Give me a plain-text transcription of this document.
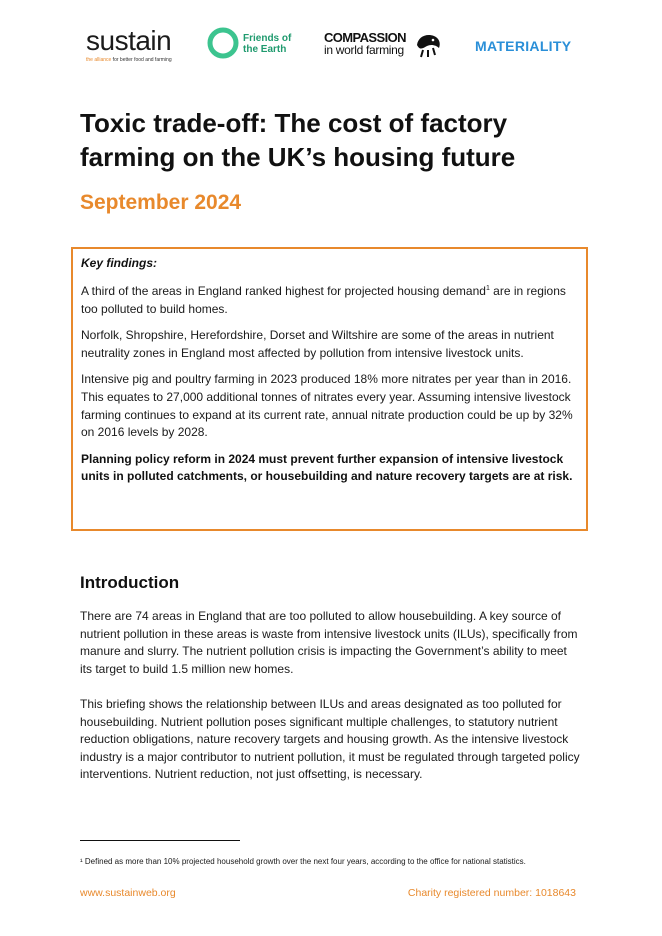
sustain
the alliance for better food and farming
Friends of
the Earth
COMPASSION
in world farming	MATERIALITY
Toxic trade-off: The cost of factory farming on the UK’s housing future
September 2024

Key findings:

A third of the areas in England ranked highest for projected housing demand$^1$ are in regions too polluted to build homes.

Norfolk, Shropshire, Herefordshire, Dorset and Wiltshire are some of the areas in nutrient neutrality zones in England most affected by pollution from intensive livestock units.

Intensive pig and poultry farming in 2023 produced 18% more nitrates per year than in 2016. This equates to 27,000 additional tonnes of nitrates every year. Assuming intensive livestock farming continues to expand at its current rate, annual nitrate production could be up by 32% on 2016 levels by 2028.

Planning policy reform in 2024 must prevent further expansion of intensive livestock units in polluted catchments, or housebuilding and nature recovery targets are at risk.

Introduction

There are 74 areas in England that are too polluted to allow housebuilding. A key source of nutrient pollution in these areas is waste from intensive livestock units (ILUs), specifically from manure and slurry. The nutrient pollution crisis is impacting the Government’s ability to meet its target to build 1.5 million new homes.

This briefing shows the relationship between ILUs and areas designated as too polluted for housebuilding. Nutrient pollution poses significant multiple challenges, to statutory nutrient reduction obligations, nature recovery targets and housing growth. As the intensive livestock industry is a major contributor to nutrient pollution, it must be regulated through targeted policy interventions. Nutrient reduction, not just offsetting, is necessary.

¹ Defined as more than 10% projected household growth over the next four years, according to the office for national statistics.

www.sustainweb.org	Charity registered number: 1018643
